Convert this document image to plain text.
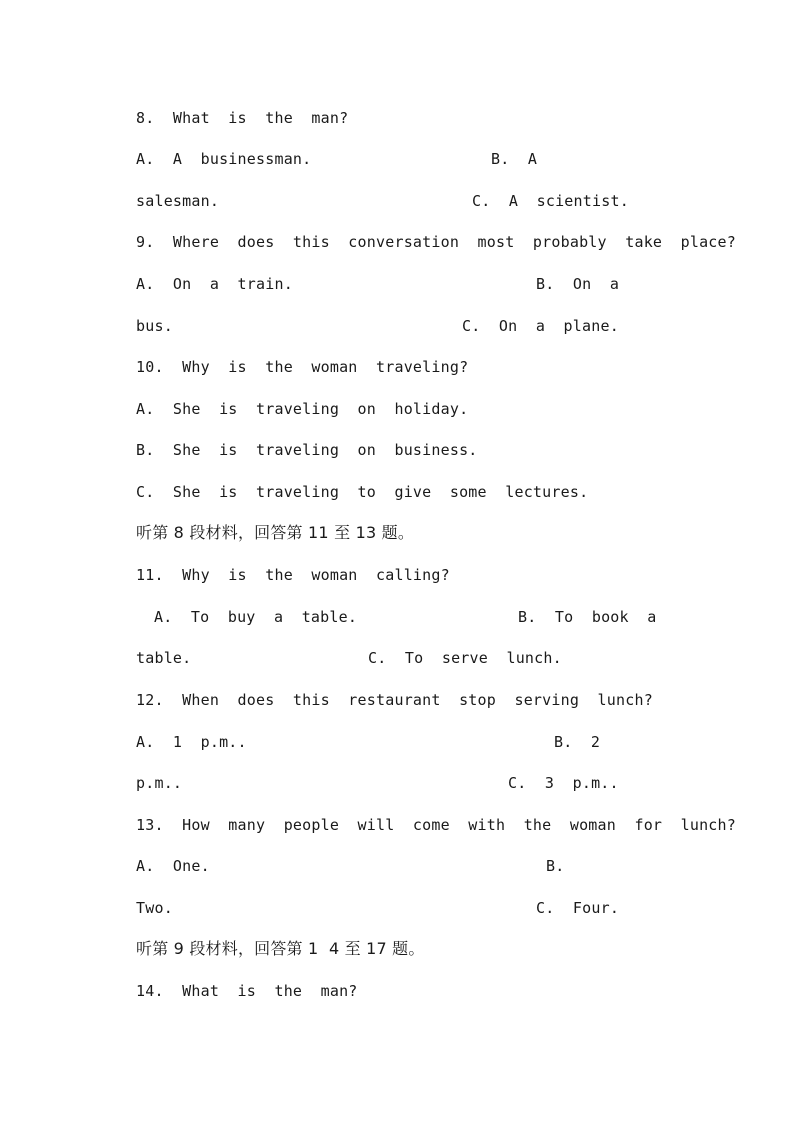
8.  What  is  the  man?

A.  A  businessman.

	B.  A

salesman.

	C.  A  scientist.

9.  Where  does  this  conversation  most  probably  take  place?

A.  On  a  train.

	B.  On  a

bus.

	C.  On  a  plane.

10.  Why  is  the  woman  traveling?

A.  She  is  traveling  on  holiday.

B.  She  is  traveling  on  business.

C.  She  is  traveling  to  give  some  lectures.

听第 8 段材料，回答第 11 至 13 题。

11.  Why  is  the  woman  calling?

A.  To  buy  a  table.

	B.  To  book  a

table.

	C.  To  serve  lunch.

12.  When  does  this  restaurant  stop  serving  lunch?

A.  1  p.m..

	B.  2

p.m..

	C.  3  p.m..

13.  How  many  people  will  come  with  the  woman  for  lunch?

A.  One.

	B.

Two.

	C.  Four.

听第 9 段材料，回答第 1  4 至 17 题。

14.  What  is  the  man?
